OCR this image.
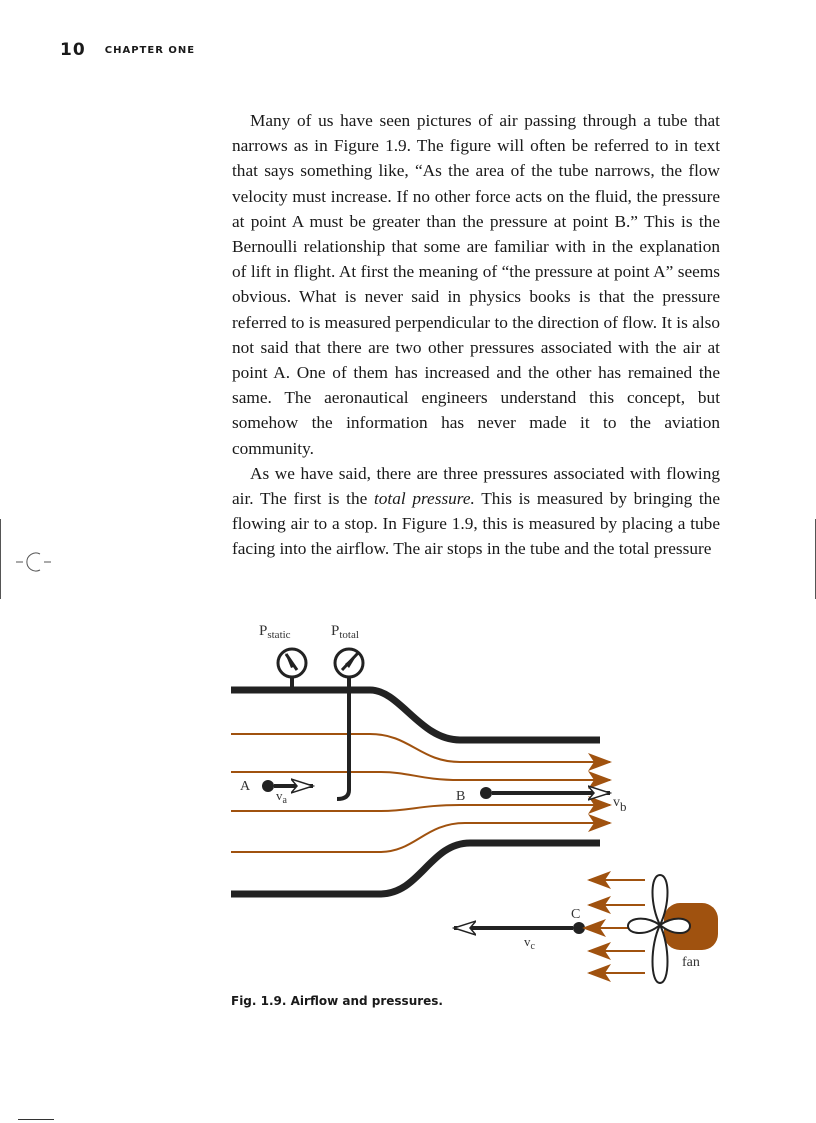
10 CHAPTER ONE

Many of us have seen pictures of air passing through a tube that narrows as in Figure 1.9. The figure will often be referred to in text that says something like, “As the area of the tube narrows, the flow velocity must increase. If no other force acts on the fluid, the pressure at point A must be greater than the pressure at point B.” This is the Bernoulli relationship that some are familiar with in the explanation of lift in flight. At first the meaning of “the pressure at point A” seems obvious. What is never said in physics books is that the pressure referred to is measured perpendicular to the direction of flow. It is also not said that there are two other pressures associated with the air at point A. One of them has increased and the other has remained the same. The aeronautical engineers understand this concept, but somehow the information has never made it to the aviation community.

As we have said, there are three pressures associated with flowing air. The first is the total pressure. This is measured by bringing the flowing air to a stop. In Figure 1.9, this is measured by placing a tube facing into the airflow. The air stops in the tube and the total pressure

$P_{static}$	$P_{total}$
A
$v_a$	B	vb
C
$v_c$
fan
Fig. 1.9. Airflow and pressures.
